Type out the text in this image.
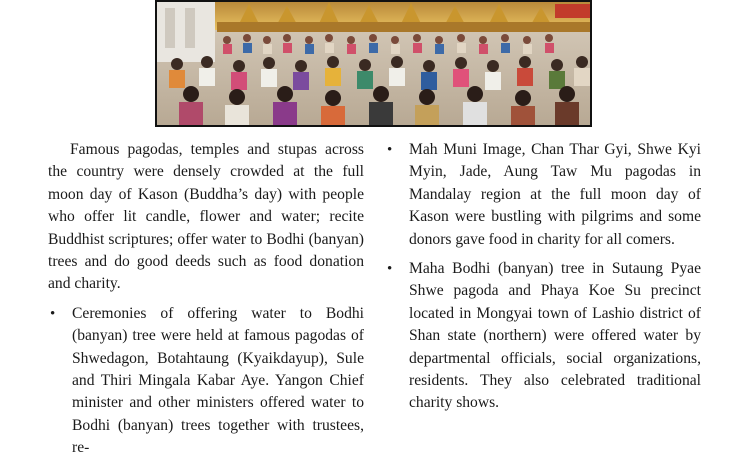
Famous pagodas, temples and stupas across the country were densely crowded at the full moon day of Kason (Buddha’s day) with people who offer lit candle, flower and water; recite Buddhist scriptures; offer water to Bodhi (banyan) trees and do good deeds such as food donation and charity.

• Ceremonies of offering water to Bodhi (banyan) tree were held at famous pagodas of Shwedagon, Botahtaung (Kyaikdayup), Sule and Thiri Mingala Kabar Aye. Yangon Chief minister and other ministers offered water to Bodhi (banyan) trees together with trustees, re-
• Mah Muni Image, Chan Thar Gyi, Shwe Kyi Myin, Jade, Aung Taw Mu pagodas in Mandalay region at the full moon day of Kason were bustling with pilgrims and some donors gave food in charity for all comers.
• Maha Bodhi (banyan) tree in Sutaung Pyae Shwe pagoda and Phaya Koe Su precinct located in Mongyai town of Lashio district of Shan state (northern) were offered water by departmental officials, social organizations, residents. They also celebrated traditional charity shows.
